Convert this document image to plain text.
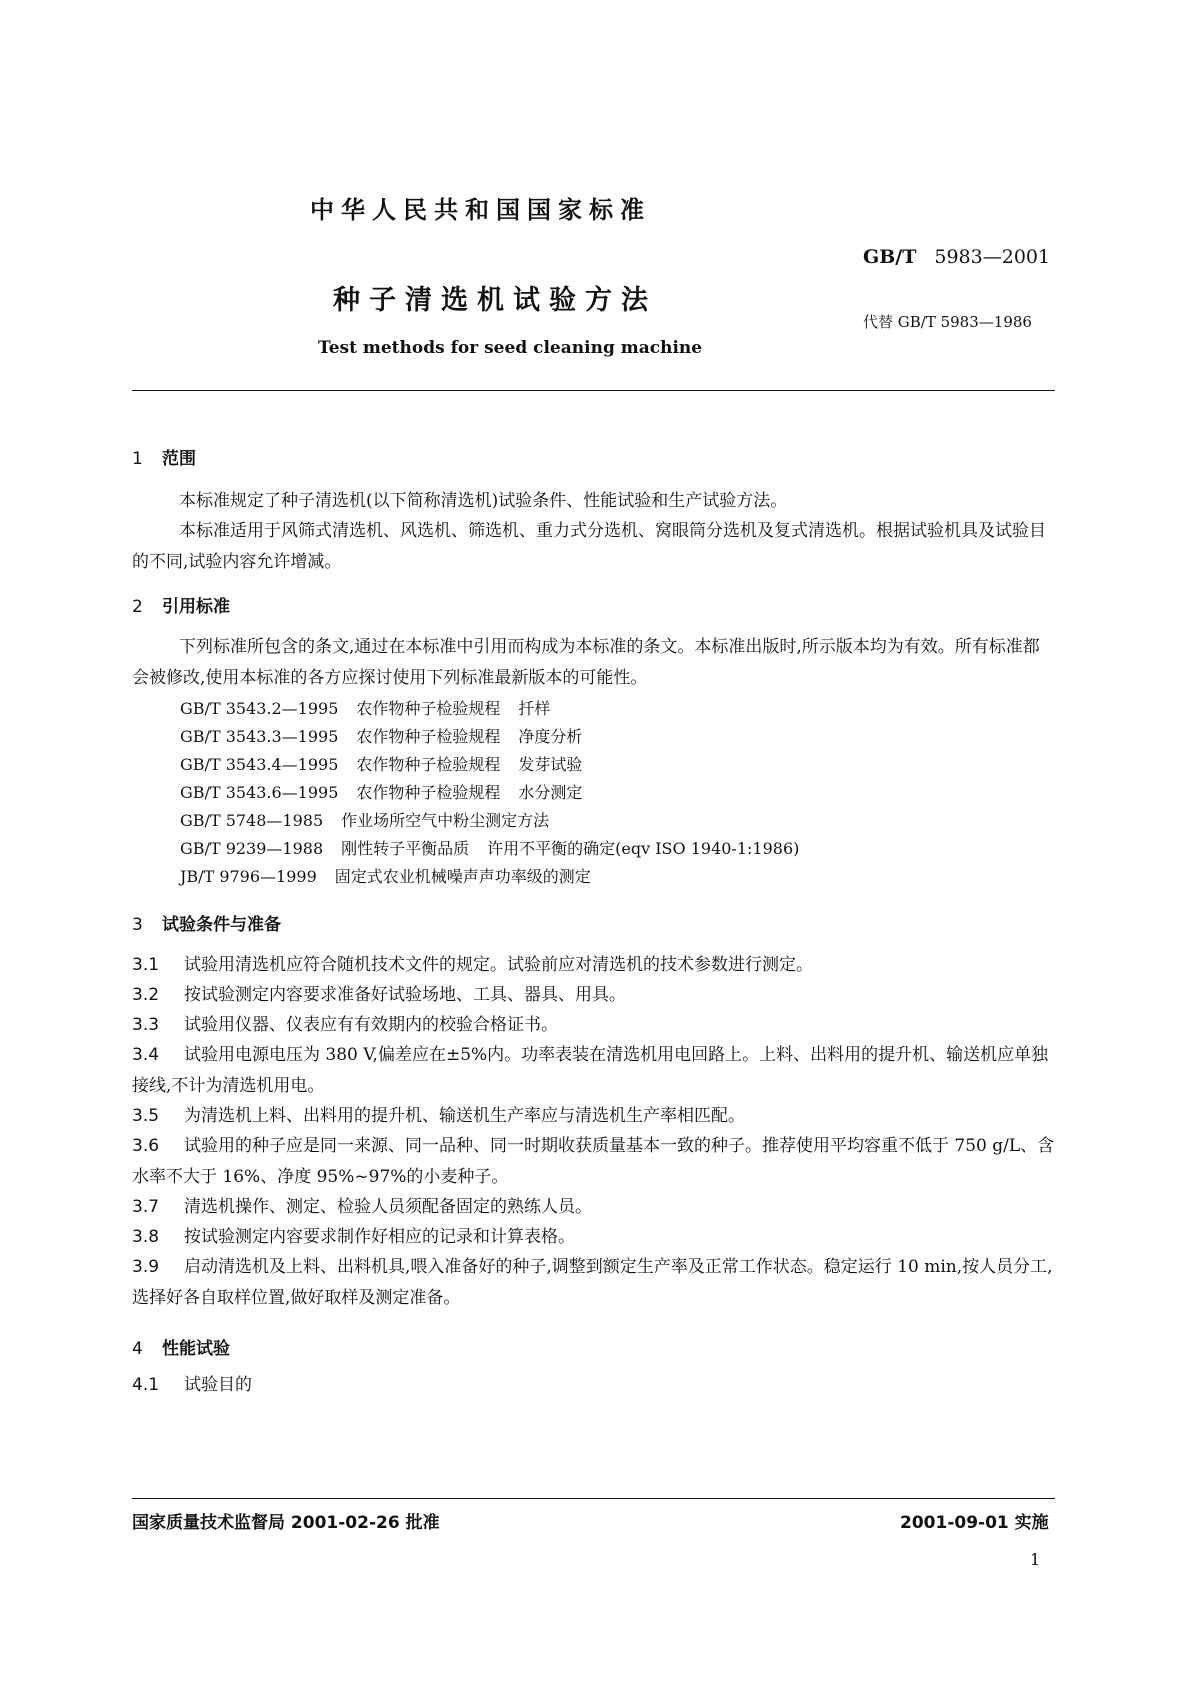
中华人民共和国国家标准
GB/T 5983—2001
种子清选机试验方法
代替 GB/T 5983—1986
Test methods for seed cleaning machine
1 范围
本标准规定了种子清选机(以下简称清选机)试验条件、性能试验和生产试验方法。
本标准适用于风筛式清选机、风选机、筛选机、重力式分选机、窝眼筒分选机及复式清选机。根据试验机具及试验目的不同,试验内容允许增减。
2 引用标准
下列标准所包含的条文,通过在本标准中引用而构成为本标准的条文。本标准出版时,所示版本均为有效。所有标准都会被修改,使用本标准的各方应探讨使用下列标准最新版本的可能性。
GB/T 3543.2—1995 农作物种子检验规程 扦样
GB/T 3543.3—1995 农作物种子检验规程 净度分析
GB/T 3543.4—1995 农作物种子检验规程 发芽试验
GB/T 3543.6—1995 农作物种子检验规程 水分测定
GB/T 5748—1985 作业场所空气中粉尘测定方法
GB/T 9239—1988 刚性转子平衡品质 许用不平衡的确定(eqv ISO 1940-1:1986)
JB/T 9796—1999 固定式农业机械噪声声功率级的测定
3 试验条件与准备
3.1 试验用清选机应符合随机技术文件的规定。试验前应对清选机的技术参数进行测定。
3.2 按试验测定内容要求准备好试验场地、工具、器具、用具。
3.3 试验用仪器、仪表应有有效期内的校验合格证书。
3.4 试验用电源电压为 380 V,偏差应在±5%内。功率表装在清选机用电回路上。上料、出料用的提升机、输送机应单独接线,不计为清选机用电。
3.5 为清选机上料、出料用的提升机、输送机生产率应与清选机生产率相匹配。
3.6 试验用的种子应是同一来源、同一品种、同一时期收获质量基本一致的种子。推荐使用平均容重不低于 750 g/L、含水率不大于 16%、净度 95%~97%的小麦种子。
3.7 清选机操作、测定、检验人员须配备固定的熟练人员。
3.8 按试验测定内容要求制作好相应的记录和计算表格。
3.9 启动清选机及上料、出料机具,喂入准备好的种子,调整到额定生产率及正常工作状态。稳定运行 10 min,按人员分工,选择好各自取样位置,做好取样及测定准备。
4 性能试验
4.1 试验目的
国家质量技术监督局 2001-02-26 批准	2001-09-01 实施
1
